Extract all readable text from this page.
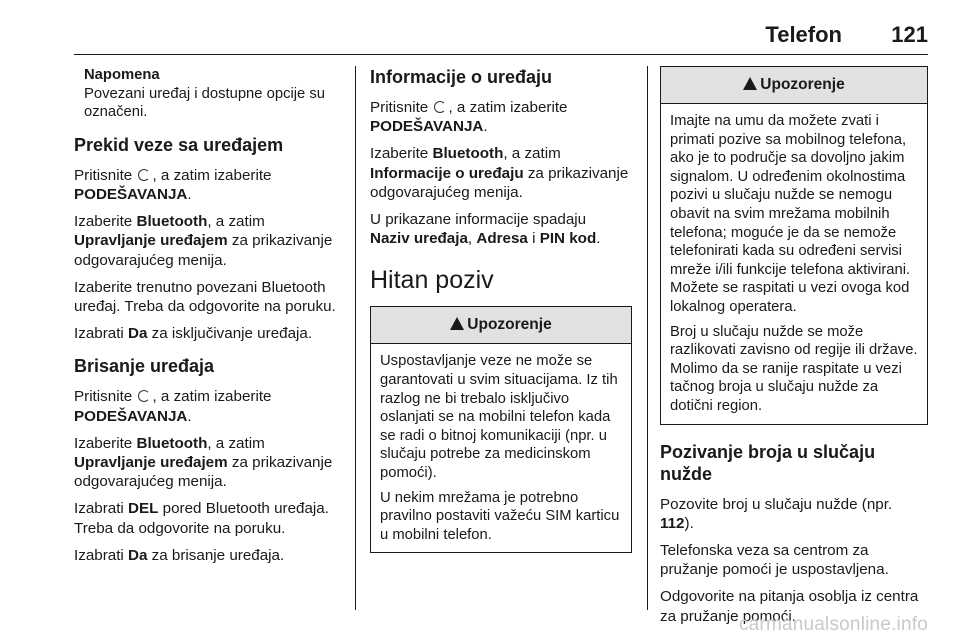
Telefon 121
Napomena
Povezani uređaj i dostupne opcije su označeni.
Prekid veze sa uređajem

Pritisnite , a zatim izaberite
PODEŠAVANJA.

Izaberite Bluetooth, a zatim
Upravljanje uređajem za prikazivanje odgovarajućeg menija.

Izaberite trenutno povezani Bluetooth uređaj. Treba da odgovorite na poruku.

Izabrati Da za isključivanje uređaja.

Brisanje uređaja

Pritisnite , a zatim izaberite
PODEŠAVANJA.

Izaberite Bluetooth, a zatim
Upravljanje uređajem za prikazivanje odgovarajućeg menija.

Izabrati DEL pored Bluetooth uređaja. Treba da odgovorite na poruku.

Izabrati Da za brisanje uređaja.

Informacije o uređaju

Pritisnite , a zatim izaberite
PODEŠAVANJA.

Izaberite Bluetooth, a zatim
Informacije o uređaju za prikazivanje odgovarajućeg menija.

U prikazane informacije spadaju
Naziv uređaja, Adresa i PIN kod.

Hitan poziv
!Upozorenje

Uspostavljanje veze ne može se garantovati u svim situacijama. Iz tih razlog ne bi trebalo isključivo oslanjati se na mobilni telefon kada se radi o bitnoj komunikaciji (npr. u slučaju potrebe za medicinskom pomoći).

U nekim mrežama je potrebno pravilno postaviti važeću SIM karticu u mobilni telefon.

!Upozorenje

Imajte na umu da možete zvati i primati pozive sa mobilnog telefona, ako je to područje sa dovoljno jakim signalom. U određenim okolnostima pozivi u slučaju nužde se nemogu obavit na svim mrežama mobilnih telefona; moguće je da se nemože telefonirati kada su određeni servisi mreže i/ili funkcije telefona aktivirani. Možete se raspitati u vezi ovoga kod lokalnog operatera.

Broj u slučaju nužde se može razlikovati zavisno od regije ili države. Molimo da se ranije raspitate u vezi tačnog broja u slučaju nužde za dotični region.

Pozivanje broja u slučaju nužde

Pozovite broj u slučaju nužde (npr. 112).

Telefonska veza sa centrom za pružanje pomoći je uspostavljena.

Odgovorite na pitanja osoblja iz centra za pružanje pomoći.

carmanualsonline.info
